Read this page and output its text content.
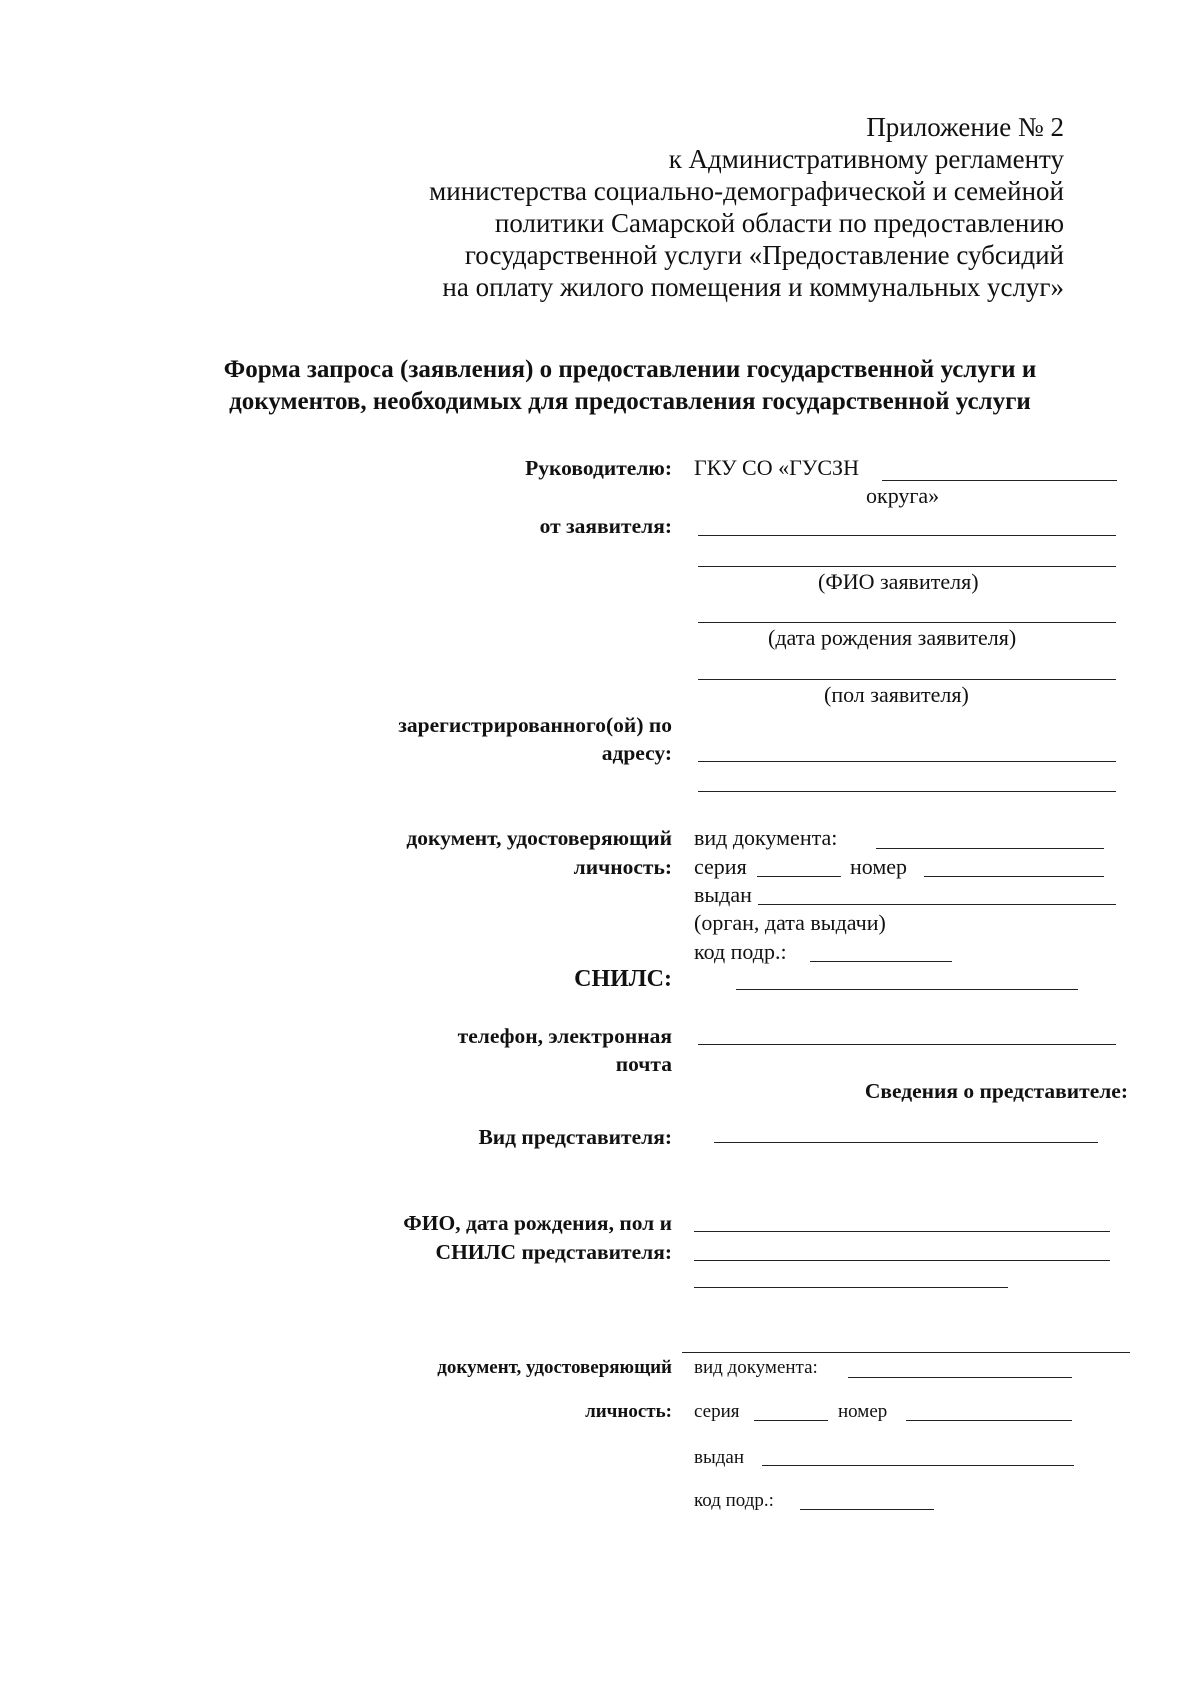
Приложение № 2
к Административному регламенту
министерства социально-демографической и семейной
политики Самарской области по предоставлению
государственной услуги «Предоставление субсидий
на оплату жилого помещения и коммунальных услуг»
Форма запроса (заявления) о предоставлении государственной услуги и
документов, необходимых для предоставления государственной услуги
Руководителю: ГКУ СО «ГУСЗН
округа»
от заявителя:
(ФИО заявителя)
(дата рождения заявителя)
(пол заявителя)
зарегистрированного(ой) по
адресу:
документ, удостоверяющий
личность:
вид документа:
серия	номер
выдан
(орган, дата выдачи)
код подр.:
СНИЛС:
телефон, электронная
почта
Сведения о представителе:
Вид представителя:
ФИО, дата рождения, пол и
СНИЛС представителя:
документ, удостоверяющий
личность:
вид документа:
серия	номер
выдан
код подр.:
